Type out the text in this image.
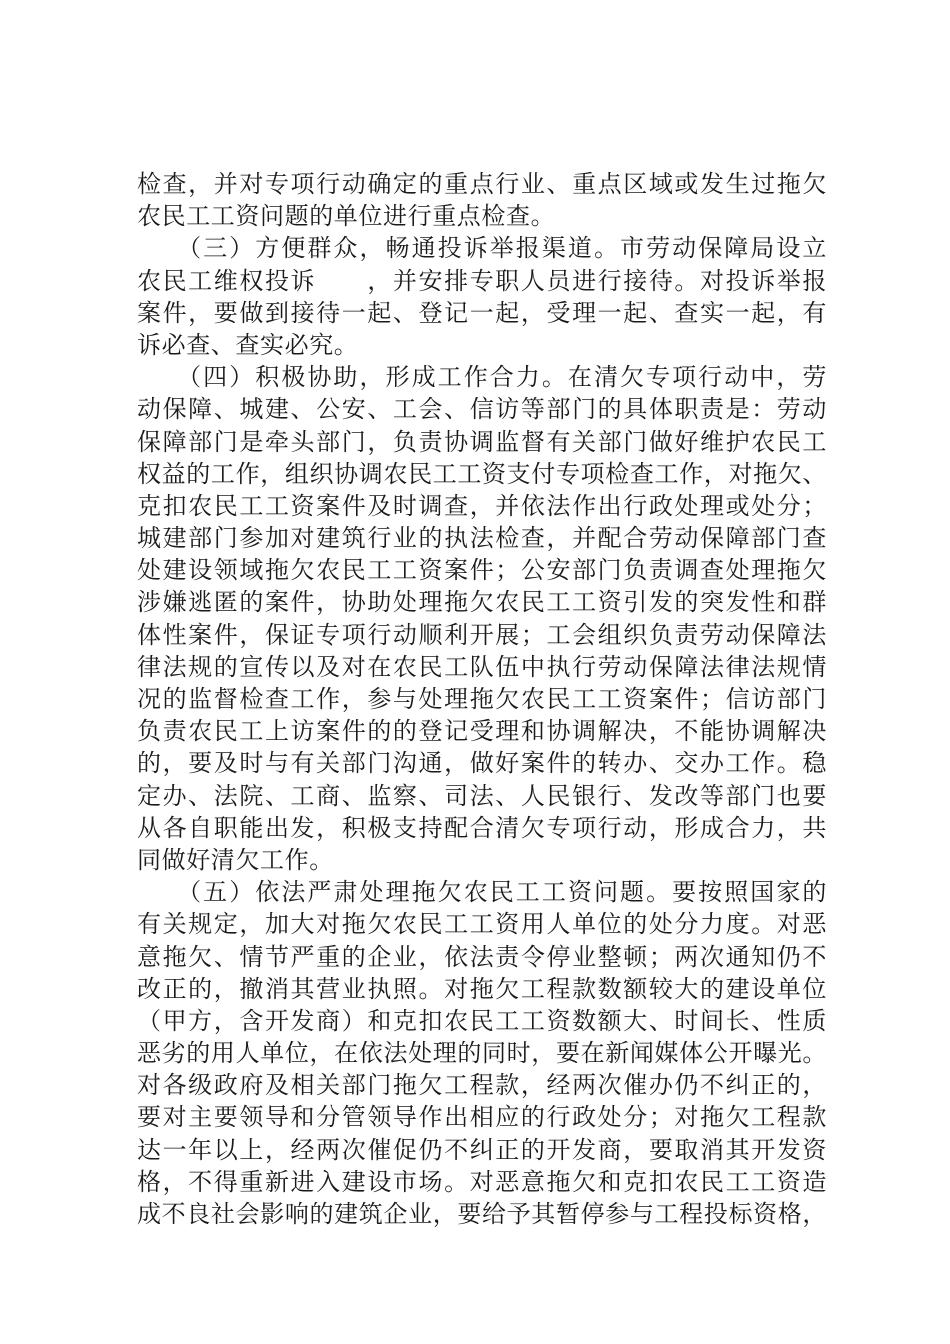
检查，并对专项行动确定的重点行业、重点区域或发生过拖欠
农民工工资问题的单位进行重点检查。
　　（三）方便群众，畅通投诉举报渠道。市劳动保障局设立
农民工维权投诉　　，并安排专职人员进行接待。对投诉举报
案件，要做到接待一起、登记一起，受理一起、查实一起，有
诉必查、查实必究。
　　（四）积极协助，形成工作合力。在清欠专项行动中，劳
动保障、城建、公安、工会、信访等部门的具体职责是：劳动
保障部门是牵头部门，负责协调监督有关部门做好维护农民工
权益的工作，组织协调农民工工资支付专项检查工作，对拖欠、
克扣农民工工资案件及时调查，并依法作出行政处理或处分；
城建部门参加对建筑行业的执法检查，并配合劳动保障部门查
处建设领域拖欠农民工工资案件；公安部门负责调查处理拖欠
涉嫌逃匿的案件，协助处理拖欠农民工工资引发的突发性和群
体性案件，保证专项行动顺利开展；工会组织负责劳动保障法
律法规的宣传以及对在农民工队伍中执行劳动保障法律法规情
况的监督检查工作，参与处理拖欠农民工工资案件；信访部门
负责农民工上访案件的的登记受理和协调解决，不能协调解决
的，要及时与有关部门沟通，做好案件的转办、交办工作。稳
定办、法院、工商、监察、司法、人民银行、发改等部门也要
从各自职能出发，积极支持配合清欠专项行动，形成合力，共
同做好清欠工作。
　　（五）依法严肃处理拖欠农民工工资问题。要按照国家的
有关规定，加大对拖欠农民工工资用人单位的处分力度。对恶
意拖欠、情节严重的企业，依法责令停业整顿；两次通知仍不
改正的，撤消其营业执照。对拖欠工程款数额较大的建设单位
（甲方，含开发商）和克扣农民工工资数额大、时间长、性质
恶劣的用人单位，在依法处理的同时，要在新闻媒体公开曝光。
对各级政府及相关部门拖欠工程款，经两次催办仍不纠正的，
要对主要领导和分管领导作出相应的行政处分；对拖欠工程款
达一年以上，经两次催促仍不纠正的开发商，要取消其开发资
格，不得重新进入建设市场。对恶意拖欠和克扣农民工工资造
成不良社会影响的建筑企业，要给予其暂停参与工程投标资格，
